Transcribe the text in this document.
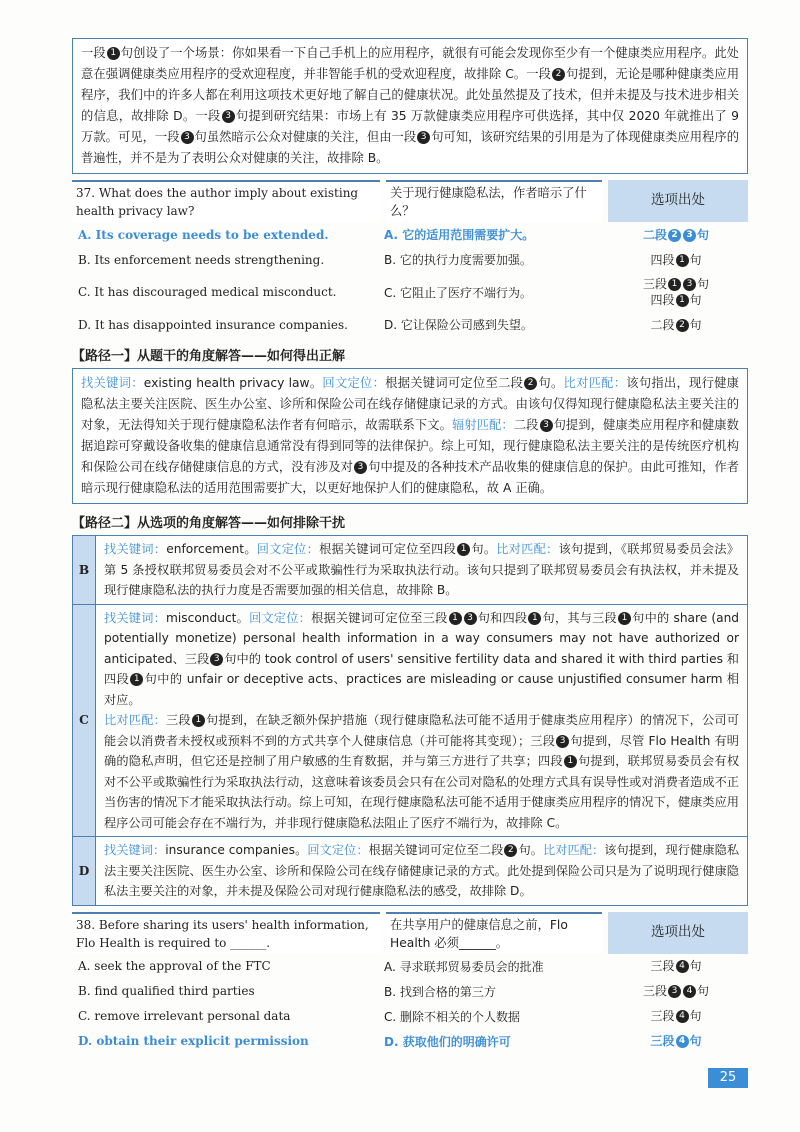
一段 1 句创设了一个场景：你如果看一下自己手机上的应用程序，就很有可能会发现你至少有一个健康类应用程序。此处意在强调健康类应用程序的受欢迎程度，并非智能手机的受欢迎程度，故排除 C。一段 2 句提到，无论是哪种健康类应用程序，我们中的许多人都在利用这项技术更好地了解自己的健康状况。此处虽然提及了技术，但并未提及与技术进步相关的信息，故排除 D。一段 3 句提到研究结果：市场上有 35 万款健康类应用程序可供选择，其中仅 2020 年就推出了 9 万款。可见，一段 3 句虽然暗示公众对健康的关注，但由一段 3 句可知，该研究结果的引用是为了体现健康类应用程序的普遍性，并不是为了表明公众对健康的关注，故排除 B。
37. What does the author imply about existing health privacy law?
关于现行健康隐私法，作者暗示了什么？
选项出处
A. Its coverage needs to be extended.	A. 它的适用范围需要扩大。	二段 2 3 句
B. Its enforcement needs strengthening.	B. 它的执行力度需要加强。	四段 1 句
C. It has discouraged medical misconduct.	C. 它阻止了医疗不端行为。
三段 1 3 句
四段 1 句
D. It has disappointed insurance companies.	D. 它让保险公司感到失望。	二段 2 句
【路径一】从题干的角度解答——如何得出正解
找关键词：existing health privacy law。回文定位：根据关键词可定位至二段 2 句。比对匹配：该句指出，现行健康隐私法主要关注医院、医生办公室、诊所和保险公司在线存储健康记录的方式。由该句仅得知现行健康隐私法主要关注的对象，无法得知关于现行健康隐私法作者有何暗示，故需联系下文。辐射匹配：二段 3 句提到，健康类应用程序和健康数据追踪可穿戴设备收集的健康信息通常没有得到同等的法律保护。综上可知，现行健康隐私法主要关注的是传统医疗机构和保险公司在线存储健康信息的方式，没有涉及对 3 句中提及的各种技术产品收集的健康信息的保护。由此可推知，作者暗示现行健康隐私法的适用范围需要扩大，以更好地保护人们的健康隐私，故 A 正确。
【路径二】从选项的角度解答——如何排除干扰
B	找关键词：enforcement。回文定位：根据关键词可定位至四段 1 句。比对匹配：该句提到，《联邦贸易委员会法》第 5 条授权联邦贸易委员会对不公平或欺骗性行为采取执法行动。该句只提到了联邦贸易委员会有执法权，并未提及现行健康隐私法的执行力度是否需要加强的相关信息，故排除 B。
C	找关键词：misconduct。回文定位：根据关键词可定位至三段 1 3 句和四段 1 句，其与三段 1 句中的 share (and potentially monetize) personal health information in a way consumers may not have authorized or anticipated、三段 3 句中的 took control of users' sensitive fertility data and shared it with third parties 和四段 1 句中的 unfair or deceptive acts、practices are misleading or cause unjustified consumer harm 相对应。
比对匹配：三段 1 句提到，在缺乏额外保护措施（现行健康隐私法可能不适用于健康类应用程序）的情况下，公司可能会以消费者未授权或预料不到的方式共享个人健康信息（并可能将其变现）；三段 3 句提到，尽管 Flo Health 有明确的隐私声明，但它还是控制了用户敏感的生育数据，并与第三方进行了共享；四段 1 句提到，联邦贸易委员会有权对不公平或欺骗性行为采取执法行动，这意味着该委员会只有在公司对隐私的处理方式具有误导性或对消费者造成不正当伤害的情况下才能采取执法行动。综上可知，在现行健康隐私法可能不适用于健康类应用程序的情况下，健康类应用程序公司可能会存在不端行为，并非现行健康隐私法阻止了医疗不端行为，故排除 C。
D	找关键词：insurance companies。回文定位：根据关键词可定位至二段 2 句。比对匹配：该句提到，现行健康隐私法主要关注医院、医生办公室、诊所和保险公司在线存储健康记录的方式。此处提到保险公司只是为了说明现行健康隐私法主要关注的对象，并未提及保险公司对现行健康隐私法的感受，故排除 D。
38. Before sharing its users' health information, Flo Health is required to ______.
在共享用户的健康信息之前，Flo Health 必须______。
选项出处
A. seek the approval of the FTC	A. 寻求联邦贸易委员会的批准	三段 4 句
B. find qualified third parties	B. 找到合格的第三方	三段 3 4 句
C. remove irrelevant personal data	C. 删除不相关的个人数据	三段 4 句
D. obtain their explicit permission	D. 获取他们的明确许可	三段 4 句
25
